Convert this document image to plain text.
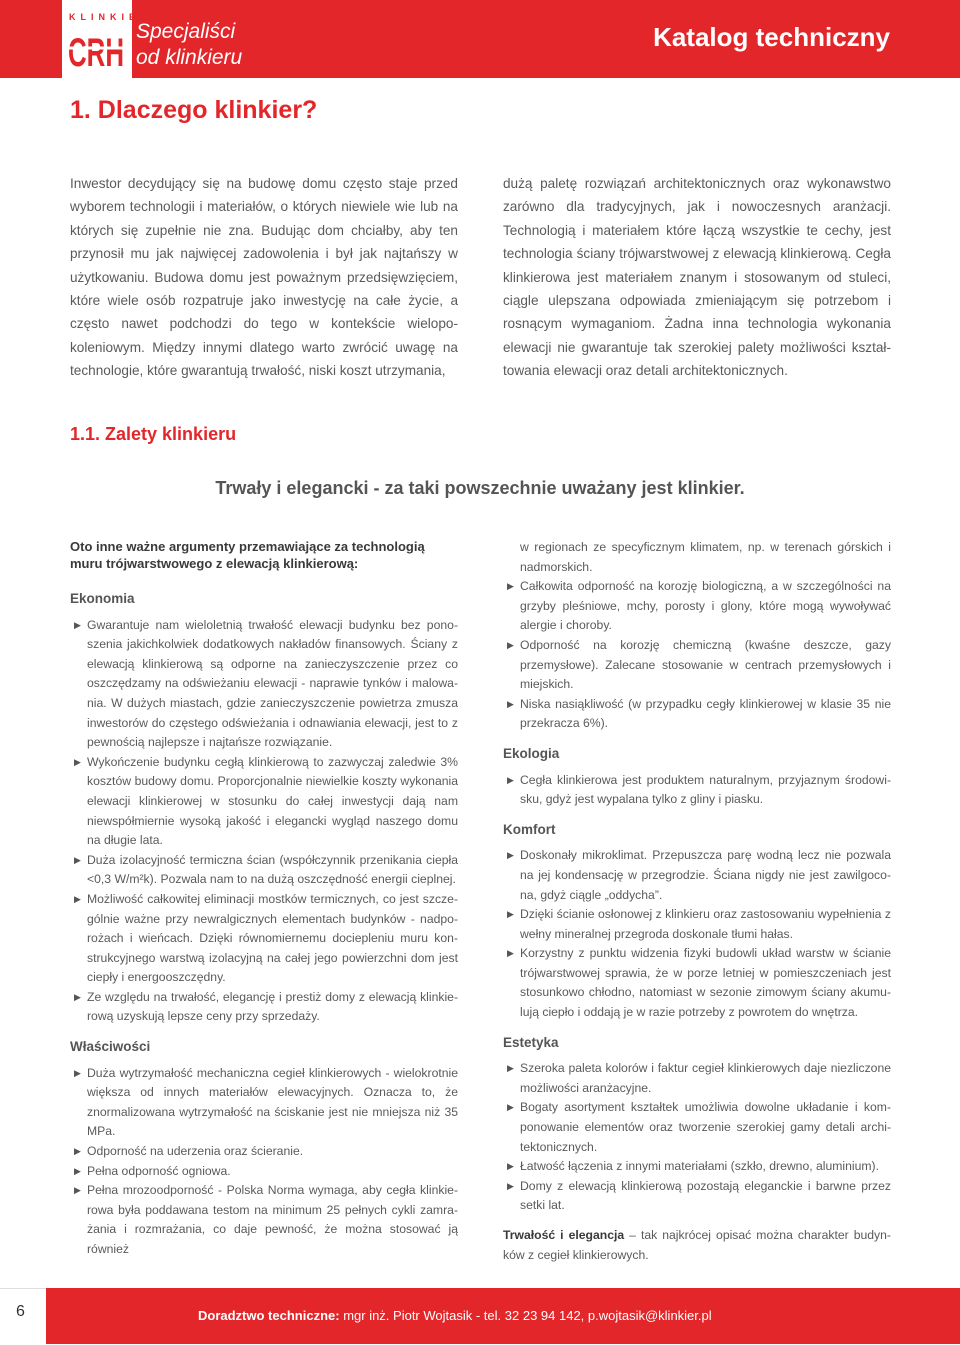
KLINKIER
CRH Specjaliści
od klinkieru
Katalog techniczny
1. Dlaczego klinkier?

Inwestor decydujący się na budowę domu często staje przed wyborem technologii i materiałów, o których niewiele wie lub na których się zupełnie nie zna. Budując dom chciałby, aby ten przynosił mu jak najwięcej zadowolenia i był jak najtańszy w użytkowaniu. Budowa domu jest poważnym przedsięwzięciem, które wiele osób rozpatruje jako inwestycję na całe życie, a często nawet podchodzi do tego w kontekście wielopokoleniowym. Między innymi dlatego warto zwrócić uwagę na technologie, które gwarantują trwałość, niski koszt utrzymania,

dużą paletę rozwiązań architektonicznych oraz wykonawstwo zarówno dla tradycyjnych, jak i nowoczesnych aranżacji. Technologią i materiałem które łączą wszystkie te cechy, jest technologia ściany trójwarstwowej z elewacją klinkierową. Cegła klinkierowa jest materiałem znanym i stosowanym od stuleci, ciągle ulepszana odpowiada zmieniającym się potrzebom i rosnącym wymaganiom. Żadna inna technologia wykonania elewacji nie gwarantuje tak szerokiej palety możliwości kształtowania elewacji oraz detali architektonicznych.

1.1. Zalety klinkieru

Trwały i elegancki - za taki powszechnie uważany jest klinkier.

Oto inne ważne argumenty przemawiające za technologią muru trójwarstwowego z elewacją klinkierową:

Ekonomia

▶ Gwarantuje nam wieloletnią trwałość elewacji budynku bez ponoszenia jakichkolwiek dodatkowych nakładów finansowych. Ściany z elewacją klinkierową są odporne na zanieczyszczenie przez co oszczędzamy na odświeżaniu elewacji - naprawie tynków i malowania. W dużych miastach, gdzie zanieczyszczenie powietrza zmusza inwestorów do częstego odświeżania i odnawiania elewacji, jest to z pewnością najlepsze i najtańsze rozwiązanie.
▶ Wykończenie budynku cegłą klinkierową to zazwyczaj zaledwie 3% kosztów budowy domu. Proporcjonalnie niewielkie koszty wykonania elewacji klinkierowej w stosunku do całej inwestycji dają nam niewspółmiernie wysoką jakość i elegancki wygląd naszego domu na długie lata.
▶ Duża izolacyjność termiczna ścian (współczynnik przenikania ciepła <0,3 W/m²k). Pozwala nam to na dużą oszczędność energii cieplnej.
▶ Możliwość całkowitej eliminacji mostków termicznych, co jest szczególnie ważne przy newralgicznych elementach budynków - nadporożach i wieńcach. Dzięki równomiernemu dociepleniu muru konstrukcyjnego warstwą izolacyjną na całej jego powierzchni dom jest ciepły i energooszczędny.
▶ Ze względu na trwałość, elegancję i prestiż domy z elewacją klinkierową uzyskują lepsze ceny przy sprzedaży.

Właściwości

▶ Duża wytrzymałość mechaniczna cegieł klinkierowych - wielokrotnie większa od innych materiałów elewacyjnych. Oznacza to, że znormalizowana wytrzymałość na ściskanie jest nie mniejsza niż 35 MPa.
▶ Odporność na uderzenia oraz ścieranie.
▶ Pełna odporność ogniowa.
▶ Pełna mrozoodporność - Polska Norma wymaga, aby cegła klinkierowa była poddawana testom na minimum 25 pełnych cykli zamrażania i rozmrażania, co daje pewność, że można stosować ją również

w regionach ze specyficznym klimatem, np. w terenach górskich i nadmorskich.

▶ Całkowita odporność na korozję biologiczną, a w szczególności na grzyby pleśniowe, mchy, porosty i glony, które mogą wywoływać alergie i choroby.
▶ Odporność na korozję chemiczną (kwaśne deszcze, gazy przemysłowe). Zalecane stosowanie w centrach przemysłowych i miejskich.
▶ Niska nasiąkliwość (w przypadku cegły klinkierowej w klasie 35 nie przekracza 6%).

Ekologia

▶ Cegła klinkierowa jest produktem naturalnym, przyjaznym środowisku, gdyż jest wypalana tylko z gliny i piasku.

Komfort

▶ Doskonały mikroklimat. Przepuszcza parę wodną lecz nie pozwala na jej kondensację w przegrodzie. Ściana nigdy nie jest zawilgocona, gdyż ciągle „oddycha”.
▶ Dzięki ścianie osłonowej z klinkieru oraz zastosowaniu wypełnienia z wełny mineralnej przegroda doskonale tłumi hałas.
▶ Korzystny z punktu widzenia fizyki budowli układ warstw w ścianie trójwarstwowej sprawia, że w porze letniej w pomieszczeniach jest stosunkowo chłodno, natomiast w sezonie zimowym ściany akumulują ciepło i oddają je w razie potrzeby z powrotem do wnętrza.

Estetyka

▶ Szeroka paleta kolorów i faktur cegieł klinkierowych daje niezliczone możliwości aranżacyjne.
▶ Bogaty asortyment kształtek umożliwia dowolne układanie i komponowanie elementów oraz tworzenie szerokiej gamy detali architektonicznych.
▶ Łatwość łączenia z innymi materiałami (szkło, drewno, aluminium).
▶ Domy z elewacją klinkierową pozostają eleganckie i barwne przez setki lat.

Trwałość i elegancja – tak najkrócej opisać można charakter budynków z cegieł klinkierowych.

6	Doradztwo techniczne: mgr inż. Piotr Wojtasik - tel. 32 23 94 142, p.wojtasik@klinkier.pl
